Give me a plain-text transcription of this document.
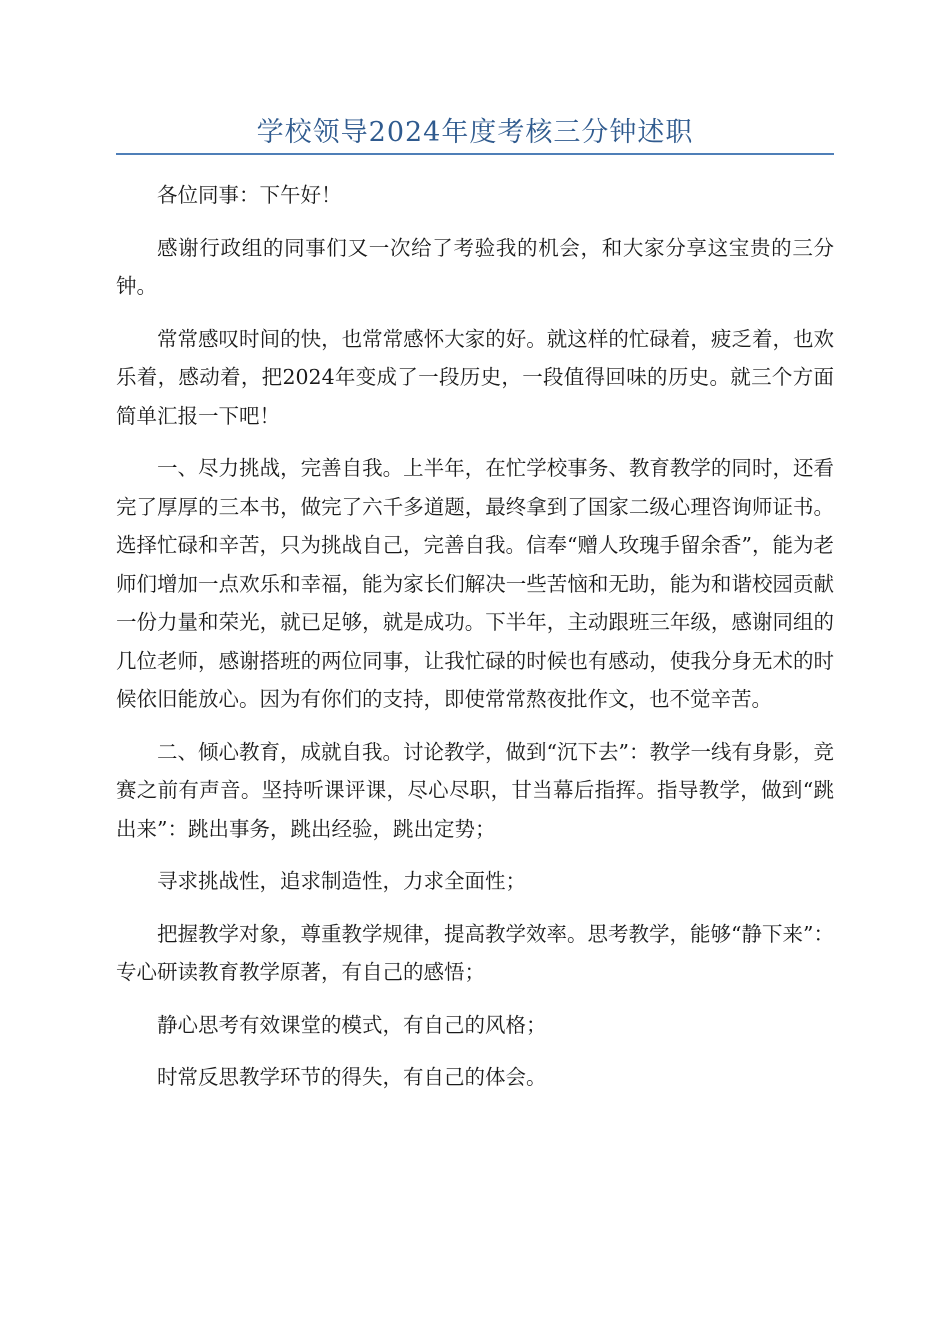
学校领导2024年度考核三分钟述职

各位同事：下午好！

感谢行政组的同事们又一次给了考验我的机会，和大家分享这宝贵的三分钟。

常常感叹时间的快，也常常感怀大家的好。就这样的忙碌着，疲乏着，也欢乐着，感动着，把2024年变成了一段历史，一段值得回味的历史。就三个方面简单汇报一下吧！

一、尽力挑战，完善自我。上半年，在忙学校事务、教育教学的同时，还看完了厚厚的三本书，做完了六千多道题，最终拿到了国家二级心理咨询师证书。选择忙碌和辛苦，只为挑战自己，完善自我。信奉“赠人玫瑰手留余香”，能为老师们增加一点欢乐和幸福，能为家长们解决一些苦恼和无助，能为和谐校园贡献一份力量和荣光，就已足够，就是成功。下半年，主动跟班三年级，感谢同组的几位老师，感谢搭班的两位同事，让我忙碌的时候也有感动，使我分身无术的时候依旧能放心。因为有你们的支持，即使常常熬夜批作文，也不觉辛苦。

二、倾心教育，成就自我。讨论教学，做到“沉下去”：教学一线有身影，竞赛之前有声音。坚持听课评课，尽心尽职，甘当幕后指挥。指导教学，做到“跳出来”：跳出事务，跳出经验，跳出定势；

寻求挑战性，追求制造性，力求全面性；

把握教学对象，尊重教学规律，提高教学效率。思考教学，能够“静下来”：专心研读教育教学原著，有自己的感悟；

静心思考有效课堂的模式，有自己的风格；

时常反思教学环节的得失，有自己的体会。
